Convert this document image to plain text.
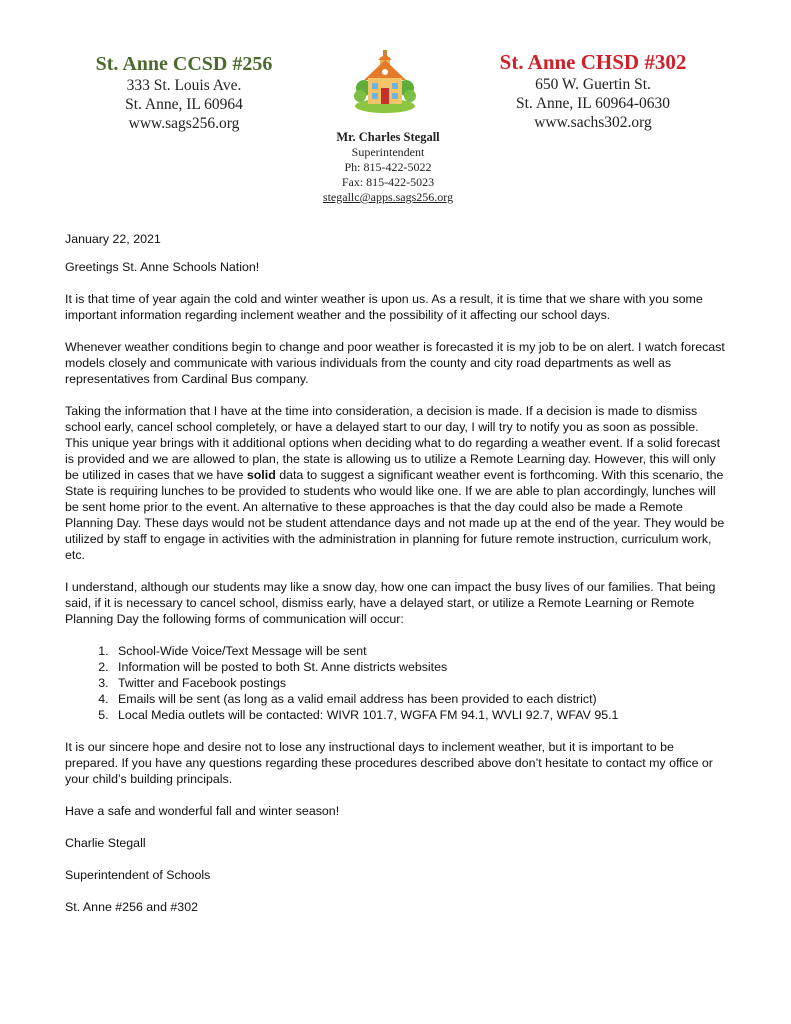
St. Anne CCSD #256
333 St. Louis Ave.
St. Anne, IL 60964
www.sags256.org
St. Anne CHSD #302
650 W. Guertin St.
St. Anne, IL 60964-0630
www.sachs302.org
Mr. Charles Stegall
Superintendent
Ph: 815-422-5022
Fax: 815-422-5023
stegallc@apps.sags256.org

January 22, 2021

Greetings St. Anne Schools Nation!

It is that time of year again the cold and winter weather is upon us. As a result, it is time that we share with you some important information regarding inclement weather and the possibility of it affecting our school days.

Whenever weather conditions begin to change and poor weather is forecasted it is my job to be on alert. I watch forecast models closely and communicate with various individuals from the county and city road departments as well as representatives from Cardinal Bus company.

Taking the information that I have at the time into consideration, a decision is made. If a decision is made to dismiss school early, cancel school completely, or have a delayed start to our day, I will try to notify you as soon as possible. This unique year brings with it additional options when deciding what to do regarding a weather event. If a solid forecast is provided and we are allowed to plan, the state is allowing us to utilize a Remote Learning day. However, this will only be utilized in cases that we have solid data to suggest a significant weather event is forthcoming. With this scenario, the State is requiring lunches to be provided to students who would like one. If we are able to plan accordingly, lunches will be sent home prior to the event. An alternative to these approaches is that the day could also be made a Remote Planning Day. These days would not be student attendance days and not made up at the end of the year. They would be utilized by staff to engage in activities with the administration in planning for future remote instruction, curriculum work, etc.

I understand, although our students may like a snow day, how one can impact the busy lives of our families. That being said, if it is necessary to cancel school, dismiss early, have a delayed start, or utilize a Remote Learning or Remote Planning Day the following forms of communication will occur:

1. School-Wide Voice/Text Message will be sent
2. Information will be posted to both St. Anne districts websites
3. Twitter and Facebook postings
4. Emails will be sent (as long as a valid email address has been provided to each district)
5. Local Media outlets will be contacted: WIVR 101.7, WGFA FM 94.1, WVLI 92.7, WFAV 95.1

It is our sincere hope and desire not to lose any instructional days to inclement weather, but it is important to be prepared. If you have any questions regarding these procedures described above don’t hesitate to contact my office or your child’s building principals.

Have a safe and wonderful fall and winter season!

Charlie Stegall

Superintendent of Schools

St. Anne #256 and #302
